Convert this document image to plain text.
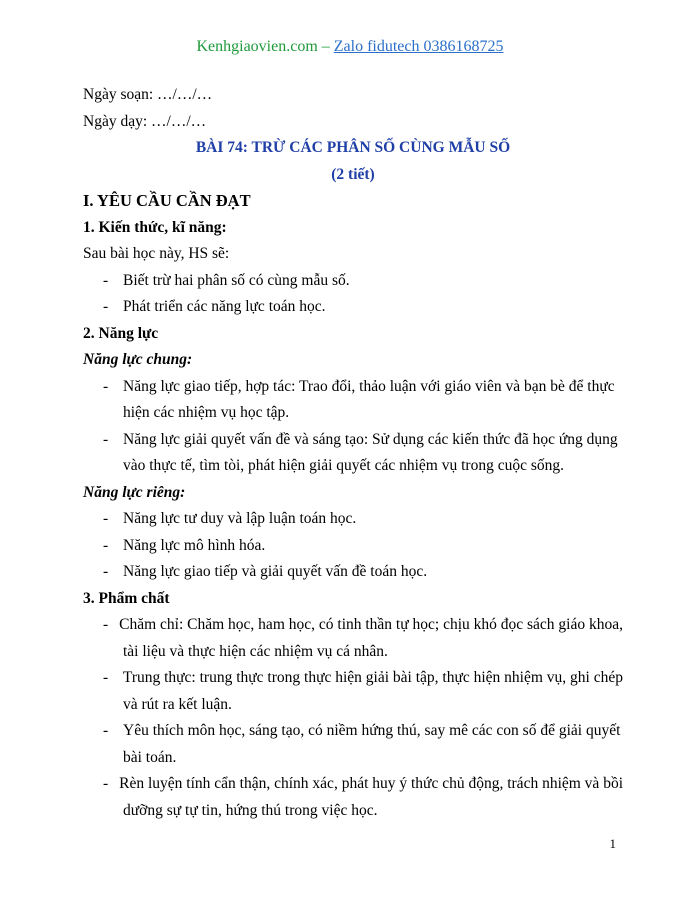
Kenhgiaovien.com – Zalo fidutech 0386168725
Ngày soạn: …/…/…
Ngày dạy: …/…/…
BÀI 74: TRỪ CÁC PHÂN SỐ CÙNG MẪU SỐ
(2 tiết)
I. YÊU CẦU CẦN ĐẠT
1. Kiến thức, kĩ năng:
Sau bài học này, HS sẽ:
- Biết trừ hai phân số có cùng mẫu số.
- Phát triển các năng lực toán học.
2. Năng lực
Năng lực chung:
- Năng lực giao tiếp, hợp tác: Trao đổi, thảo luận với giáo viên và bạn bè để thực
hiện các nhiệm vụ học tập.
- Năng lực giải quyết vấn đề và sáng tạo: Sử dụng các kiến thức đã học ứng dụng
vào thực tế, tìm tòi, phát hiện giải quyết các nhiệm vụ trong cuộc sống.
Năng lực riêng:
- Năng lực tư duy và lập luận toán học.
- Năng lực mô hình hóa.
- Năng lực giao tiếp và giải quyết vấn đề toán học.
3. Phẩm chất
- Chăm chỉ: Chăm học, ham học, có tinh thần tự học; chịu khó đọc sách giáo khoa,
tài liệu và thực hiện các nhiệm vụ cá nhân.
- Trung thực: trung thực trong thực hiện giải bài tập, thực hiện nhiệm vụ, ghi chép
và rút ra kết luận.
- Yêu thích môn học, sáng tạo, có niềm hứng thú, say mê các con số để giải quyết
bài toán.
- Rèn luyện tính cẩn thận, chính xác, phát huy ý thức chủ động, trách nhiệm và bồi
dưỡng sự tự tin, hứng thú trong việc học.
1
